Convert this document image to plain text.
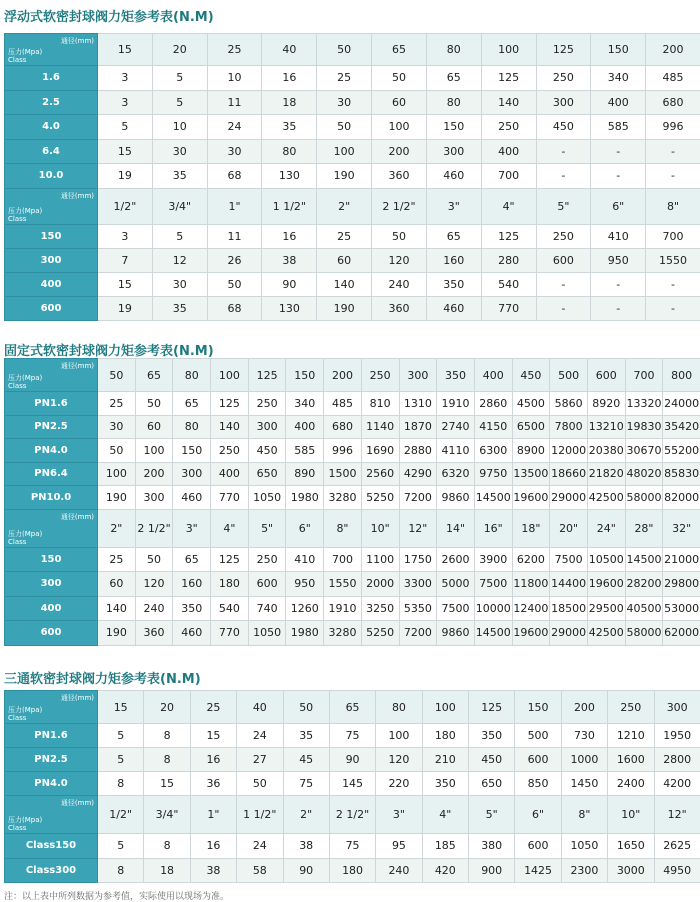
浮动式软密封球阀力矩参考表(N.M)
通径(mm)
压力(Mpa)
Class	15	20	25	40	50	65	80	100	125	150	200
1.6	3	5	10	16	25	50	65	125	250	340	485
2.5	3	5	11	18	30	60	80	140	300	400	680
4.0	5	10	24	35	50	100	150	250	450	585	996
6.4	15	30	30	80	100	200	300	400	-	-	-
10.0	19	35	68	130	190	360	460	700	-	-	-

通径(mm)
压力(Mpa)
Class	1/2"	3/4"	1"	1 1/2"	2"	2 1/2"	3"	4"	5"	6"	8"
150	3	5	11	16	25	50	65	125	250	410	700
300	7	12	26	38	60	120	160	280	600	950	1550
400	15	30	50	90	140	240	350	540	-	-	-
600	19	35	68	130	190	360	460	770	-	-	-
固定式软密封球阀力矩参考表(N.M)
通径(mm)
压力(Mpa)
Class	50	65	80	100	125	150	200	250	300	350	400	450	500	600	700	800
PN1.6	25	50	65	125	250	340	485	810	1310	1910	2860	4500	5860	8920	13320	24000
PN2.5	30	60	80	140	300	400	680	1140	1870	2740	4150	6500	7800	13210	19830	35420
PN4.0	50	100	150	250	450	585	996	1690	2880	4110	6300	8900	12000	20380	30670	55200
PN6.4	100	200	300	400	650	890	1500	2560	4290	6320	9750	13500	18660	21820	48020	85830
PN10.0	190	300	460	770	1050	1980	3280	5250	7200	9860	14500	19600	29000	42500	58000	82000

通径(mm)
压力(Mpa)
Class	2"	2 1/2"	3"	4"	5"	6"	8"	10"	12"	14"	16"	18"	20"	24"	28"	32"
150	25	50	65	125	250	410	700	1100	1750	2600	3900	6200	7500	10500	14500	21000
300	60	120	160	180	600	950	1550	2000	3300	5000	7500	11800	14400	19600	28200	29800
400	140	240	350	540	740	1260	1910	3250	5350	7500	10000	12400	18500	29500	40500	53000
600	190	360	460	770	1050	1980	3280	5250	7200	9860	14500	19600	29000	42500	58000	62000
三通软密封球阀力矩参考表(N.M)
通径(mm)
压力(Mpa)
Class	15	20	25	40	50	65	80	100	125	150	200	250	300
PN1.6	5	8	15	24	35	75	100	180	350	500	730	1210	1950
PN2.5	5	8	16	27	45	90	120	210	450	600	1000	1600	2800
PN4.0	8	15	36	50	75	145	220	350	650	850	1450	2400	4200

通径(mm)
压力(Mpa)
Class	1/2"	3/4"	1"	1 1/2"	2"	2 1/2"	3"	4"	5"	6"	8"	10"	12"
Class150	5	8	16	24	38	75	95	185	380	600	1050	1650	2625
Class300	8	18	38	58	90	180	240	420	900	1425	2300	3000	4950
注：以上表中所列数据为参考值，实际使用以现场为准。
